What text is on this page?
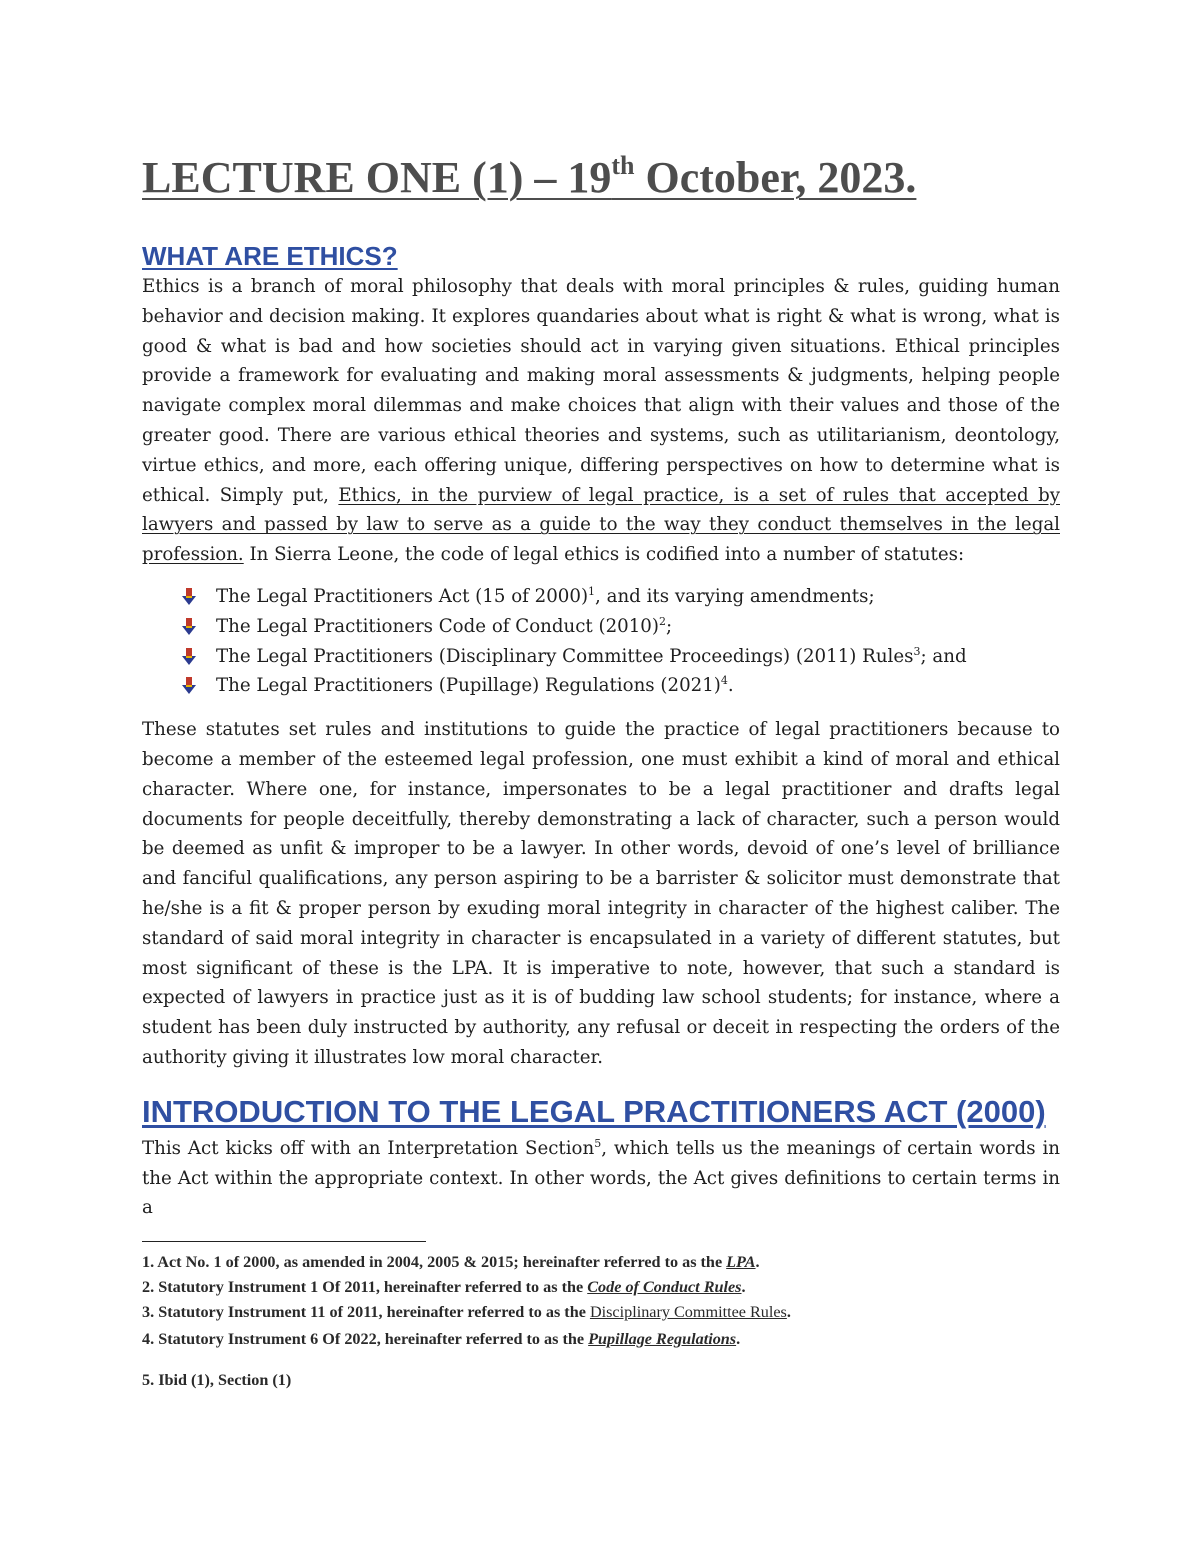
LECTURE ONE (1) – 19th October, 2023.
WHAT ARE ETHICS?

Ethics is a branch of moral philosophy that deals with moral principles & rules, guiding human behavior and decision making. It explores quandaries about what is right & what is wrong, what is good & what is bad and how societies should act in varying given situations. Ethical principles provide a framework for evaluating and making moral assessments & judgments, helping people navigate complex moral dilemmas and make choices that align with their values and those of the greater good. There are various ethical theories and systems, such as utilitarianism, deontology, virtue ethics, and more, each offering unique, differing perspectives on how to determine what is ethical. Simply put, Ethics, in the purview of legal practice, is a set of rules that accepted by lawyers and passed by law to serve as a guide to the way they conduct themselves in the legal profession. In Sierra Leone, the code of legal ethics is codified into a number of statutes:

The Legal Practitioners Act (15 of 2000)$^1$, and its varying amendments;
The Legal Practitioners Code of Conduct (2010)$^2$;
The Legal Practitioners (Disciplinary Committee Proceedings) (2011) Rules$^3$; and
The Legal Practitioners (Pupillage) Regulations (2021)$^4$.

These statutes set rules and institutions to guide the practice of legal practitioners because to become a member of the esteemed legal profession, one must exhibit a kind of moral and ethical character. Where one, for instance, impersonates to be a legal practitioner and drafts legal documents for people deceitfully, thereby demonstrating a lack of character, such a person would be deemed as unfit & improper to be a lawyer. In other words, devoid of one’s level of brilliance and fanciful qualifications, any person aspiring to be a barrister & solicitor must demonstrate that he/she is a fit & proper person by exuding moral integrity in character of the highest caliber. The standard of said moral integrity in character is encapsulated in a variety of different statutes, but most significant of these is the LPA. It is imperative to note, however, that such a standard is expected of lawyers in practice just as it is of budding law school students; for instance, where a student has been duly instructed by authority, any refusal or deceit in respecting the orders of the authority giving it illustrates low moral character.

INTRODUCTION TO THE LEGAL PRACTITIONERS ACT (2000)

This Act kicks off with an Interpretation Section$^5$, which tells us the meanings of certain words in the Act within the appropriate context. In other words, the Act gives definitions to certain terms in a

1. Act No. 1 of 2000, as amended in 2004, 2005 & 2015; hereinafter referred to as the LPA.

2. Statutory Instrument 1 Of 2011, hereinafter referred to as the Code of Conduct Rules.

3. Statutory Instrument 11 of 2011, hereinafter referred to as the Disciplinary Committee Rules.

4. Statutory Instrument 6 Of 2022, hereinafter referred to as the Pupillage Regulations.

5. Ibid (1), Section (1)
